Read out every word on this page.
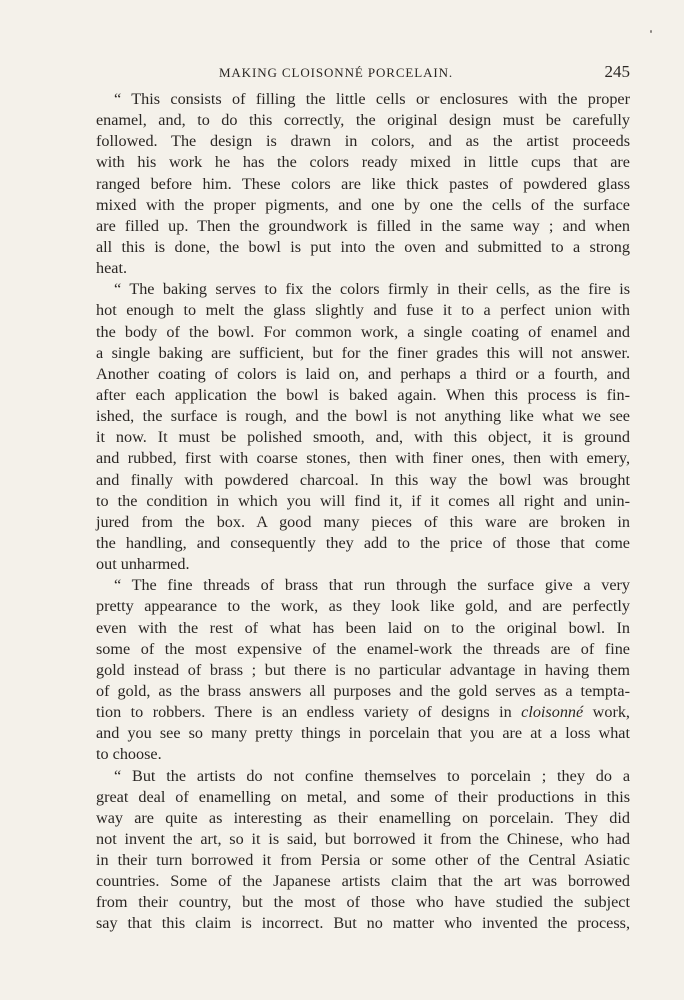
MAKING CLOISONNÉ PORCELAIN.	245
“ This consists of filling the little cells or enclosures with the proper
enamel, and, to do this correctly, the original design must be carefully
followed. The design is drawn in colors, and as the artist proceeds
with his work he has the colors ready mixed in little cups that are
ranged before him. These colors are like thick pastes of powdered glass
mixed with the proper pigments, and one by one the cells of the surface
are filled up. Then the groundwork is filled in the same way ; and when
all this is done, the bowl is put into the oven and submitted to a strong
heat.
“ The baking serves to fix the colors firmly in their cells, as the fire is
hot enough to melt the glass slightly and fuse it to a perfect union with
the body of the bowl. For common work, a single coating of enamel and
a single baking are sufficient, but for the finer grades this will not answer.
Another coating of colors is laid on, and perhaps a third or a fourth, and
after each application the bowl is baked again. When this process is fin-
ished, the surface is rough, and the bowl is not anything like what we see
it now. It must be polished smooth, and, with this object, it is ground
and rubbed, first with coarse stones, then with finer ones, then with emery,
and finally with powdered charcoal. In this way the bowl was brought
to the condition in which you will find it, if it comes all right and unin-
jured from the box. A good many pieces of this ware are broken in
the handling, and consequently they add to the price of those that come
out unharmed.
“ The fine threads of brass that run through the surface give a very
pretty appearance to the work, as they look like gold, and are perfectly
even with the rest of what has been laid on to the original bowl. In
some of the most expensive of the enamel-work the threads are of fine
gold instead of brass ; but there is no particular advantage in having them
of gold, as the brass answers all purposes and the gold serves as a tempta-
tion to robbers. There is an endless variety of designs in cloisonné work,
and you see so many pretty things in porcelain that you are at a loss what
to choose.
“ But the artists do not confine themselves to porcelain ; they do a
great deal of enamelling on metal, and some of their productions in this
way are quite as interesting as their enamelling on porcelain. They did
not invent the art, so it is said, but borrowed it from the Chinese, who had
in their turn borrowed it from Persia or some other of the Central Asiatic
countries. Some of the Japanese artists claim that the art was borrowed
from their country, but the most of those who have studied the subject
say that this claim is incorrect. But no matter who invented the process,
